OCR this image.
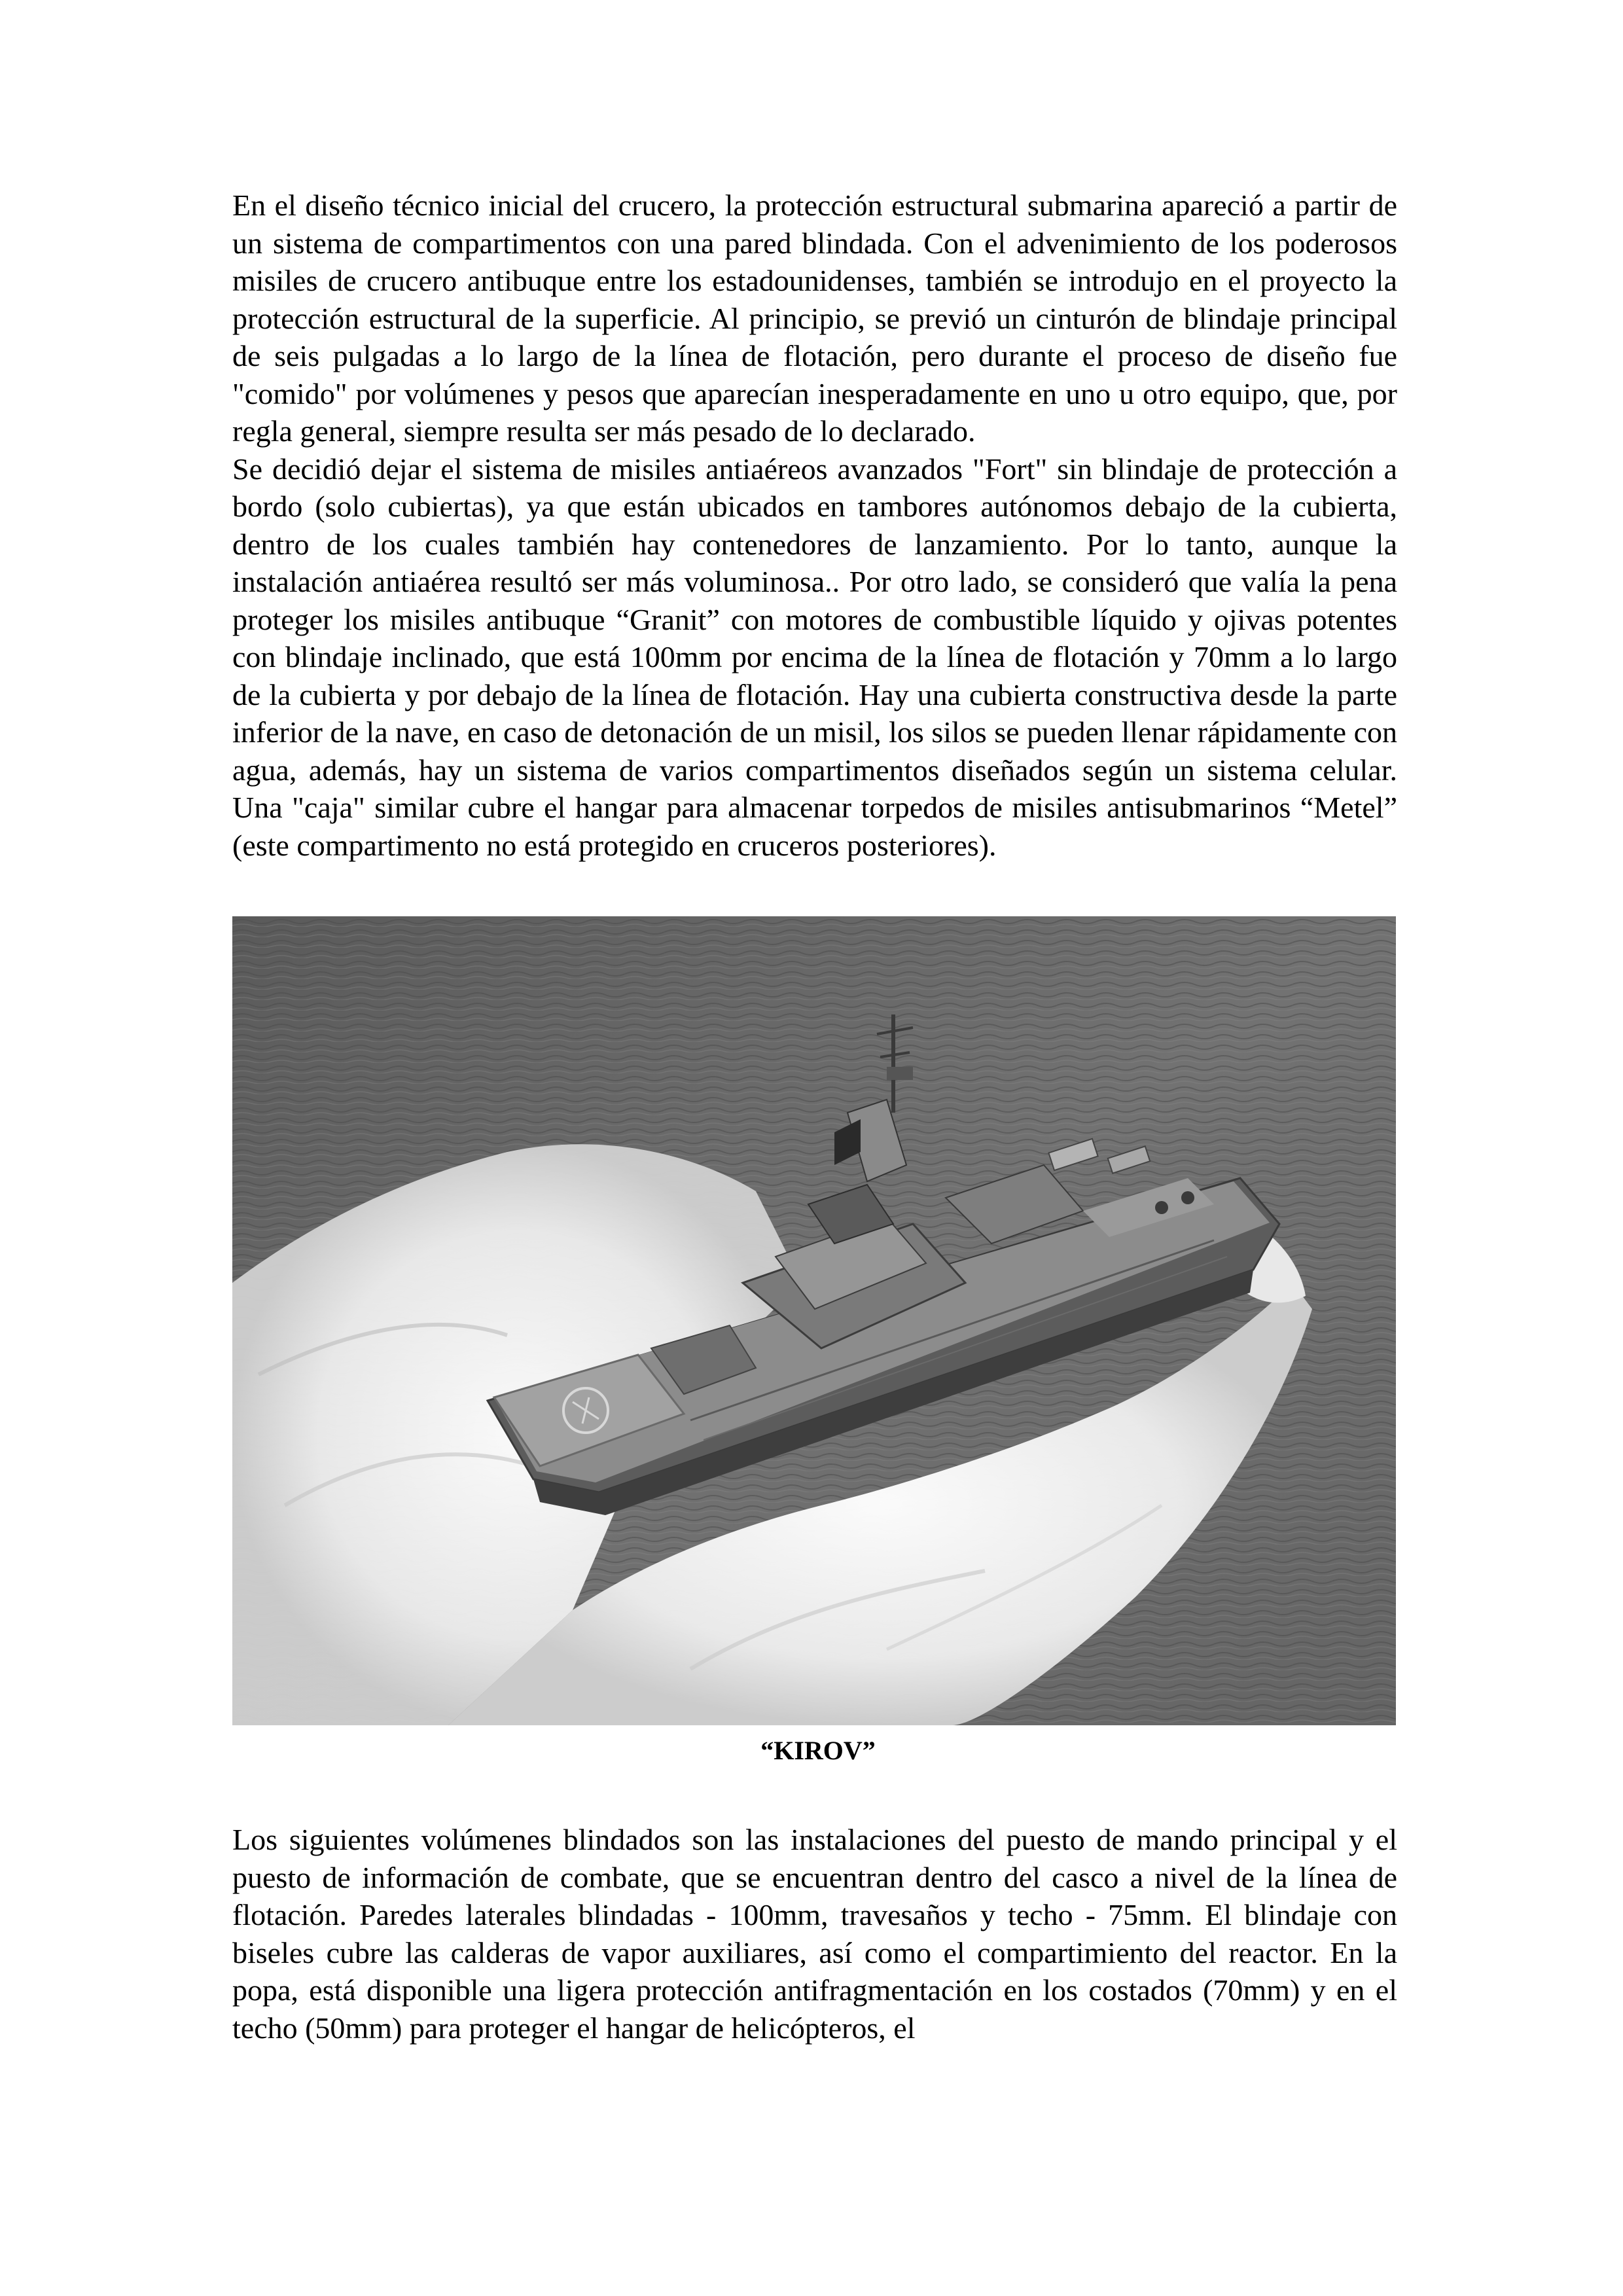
En el diseño técnico inicial del crucero, la protección estructural submarina apareció a partir de un sistema de compartimentos con una pared blindada. Con el advenimiento de los poderosos misiles de crucero antibuque entre los estadounidenses, también se introdujo en el proyecto la protección estructural de la superficie. Al principio, se previó un cinturón de blindaje principal de seis pulgadas a lo largo de la línea de flotación, pero durante el proceso de diseño fue "comido" por volúmenes y pesos que aparecían inesperadamente en uno u otro equipo, que, por regla general, siempre resulta ser más pesado de lo declarado.

Se decidió dejar el sistema de misiles antiaéreos avanzados "Fort" sin blindaje de protección a bordo (solo cubiertas), ya que están ubicados en tambores autónomos debajo de la cubierta, dentro de los cuales también hay contenedores de lanzamiento. Por lo tanto, aunque la instalación antiaérea resultó ser más voluminosa.. Por otro lado, se consideró que valía la pena proteger los misiles antibuque “Granit” con motores de combustible líquido y ojivas potentes con blindaje inclinado, que está 100mm por encima de la línea de flotación y 70mm a lo largo de la cubierta y por debajo de la línea de flotación. Hay una cubierta constructiva desde la parte inferior de la nave, en caso de detonación de un misil, los silos se pueden llenar rápidamente con agua, además, hay un sistema de varios compartimentos diseñados según un sistema celular. Una "caja" similar cubre el hangar para almacenar torpedos de misiles antisubmarinos “Metel” (este compartimento no está protegido en cruceros posteriores).

“KIROV”

Los siguientes volúmenes blindados son las instalaciones del puesto de mando principal y el puesto de información de combate, que se encuentran dentro del casco a nivel de la línea de flotación. Paredes laterales blindadas - 100mm, travesaños y techo - 75mm. El blindaje con biseles cubre las calderas de vapor auxiliares, así como el compartimiento del reactor. En la popa, está disponible una ligera protección antifragmentación en los costados (70mm) y en el techo (50mm) para proteger el hangar de helicópteros, el
